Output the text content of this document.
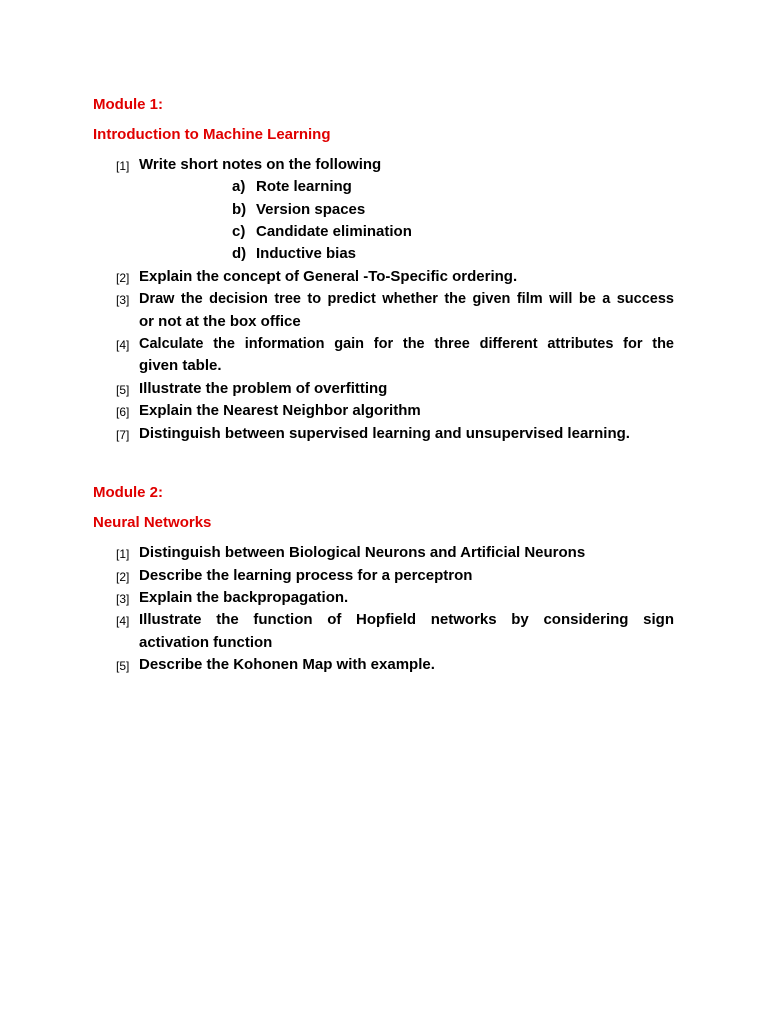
Module 1:
Introduction to Machine Learning
[1] Write short notes on the following
a) Rote learning
b) Version spaces
c) Candidate elimination
d) Inductive bias
[2] Explain the concept of General -To-Specific ordering.
[3] Draw the decision tree to predict whether the given film will be a success
or not at the box office
[4] Calculate the information gain for the three different attributes for the
given table.
[5] Illustrate the problem of overfitting
[6] Explain the Nearest Neighbor algorithm
[7] Distinguish between supervised learning and unsupervised learning.
Module 2:
Neural Networks
[1] Distinguish between Biological Neurons and Artificial Neurons
[2] Describe the learning process for a perceptron
[3] Explain the backpropagation.
[4] Illustrate the function of Hopfield networks by considering sign
activation function
[5] Describe the Kohonen Map with example.
